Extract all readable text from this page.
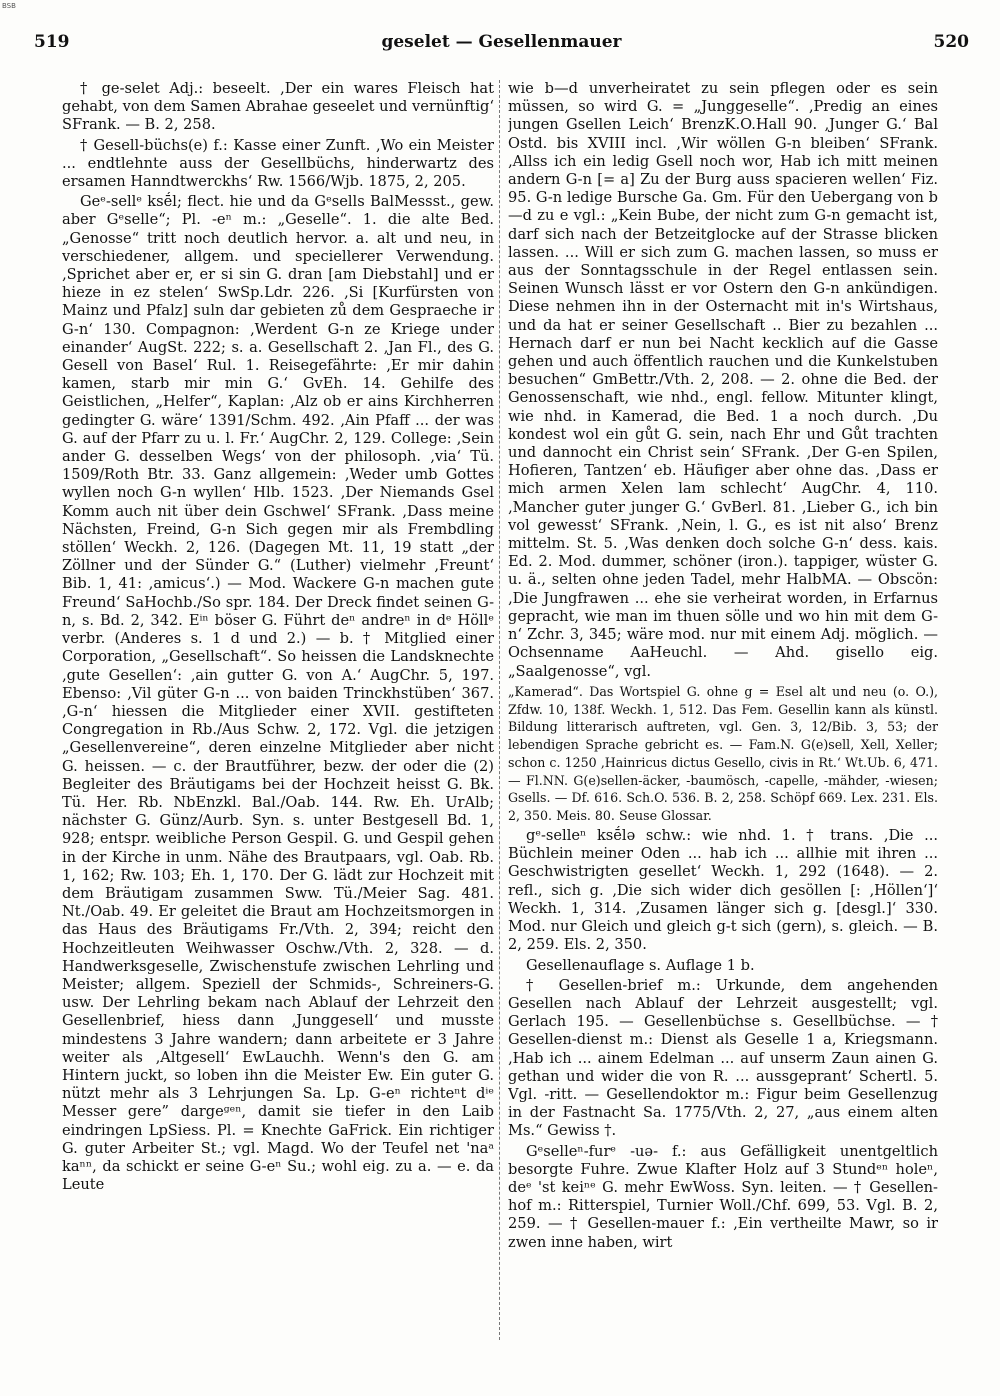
BSB
519	geselet — Gesellenmauer	520

† ge-selet Adj.: beseelt. ‚Der ein wares Fleisch hat gehabt, von dem Samen Abrahae geseelet und vernünftig‘ SFrank. — B. 2, 258.

† Gesell-büchs(e) f.: Kasse einer Zunft. ‚Wo ein Meister ... endtlehnte auss der Gesellbüchs, hinderwartz des ersamen Hanndtwerckhs‘ Rw. 1566/Wjb. 1875, 2, 205.

Geᵉ-sellᵉ ksḗl; flect. hie und da Gᵉsells BalMessst., gew. aber Gᵉselle“; Pl. -eⁿ m.: „Geselle“. 1. die alte Bed. „Genosse“ tritt noch deutlich hervor. a. alt und neu, in verschiedener, allgem. und speciellerer Verwendung. ‚Sprichet aber er, er si sin G. dran [am Diebstahl] und er hieze in ez stelen‘ SwSp.Ldr. 226. ‚Si [Kurfürsten von Mainz und Pfalz] suln dar gebieten zů dem Gespraeche ir G-n‘ 130. Compagnon: ‚Werdent G-n ze Kriege under einander‘ AugSt. 222; s. a. Gesellschaft 2. ‚Jan Fl., des G. Gesell von Basel‘ Rul. 1. Reisegefährte: ‚Er mir dahin kamen, starb mir min G.‘ GvEh. 14. Gehilfe des Geistlichen, „Helfer“, Kaplan: ‚Alz ob er ains Kirchherren gedingter G. wäre‘ 1391/Schm. 492. ‚Ain Pfaff ... der was G. auf der Pfarr zu u. l. Fr.‘ AugChr. 2, 129. College: ‚Sein ander G. desselben Wegs‘ von der philosoph. ‚via‘ Tü. 1509/Roth Btr. 33. Ganz allgemein: ‚Weder umb Gottes wyllen noch G-n wyllen‘ Hlb. 1523. ‚Der Niemands Gsel Komm auch nit über dein Gschwel‘ SFrank. ‚Dass meine Nächsten, Freind, G-n Sich gegen mir als Frembdling stöllen‘ Weckh. 2, 126. (Dagegen Mt. 11, 19 statt „der Zöllner und der Sünder G.“ (Luther) vielmehr ‚Freunt‘ Bib. 1, 41: ‚amicus‘.) — Mod. Wackere G-n machen gute Freund‘ SaHochb./So spr. 184. Der Dreck findet seinen G-n, s. Bd. 2, 342. Eⁱⁿ böser G. Führt deⁿ andreⁿ in dᵉ Höllᵉ verbr. (Anderes s. 1 d und 2.) — b. † Mitglied einer Corporation, „Gesellschaft“. So heissen die Landsknechte ‚gute Gesellen‘: ‚ain gutter G. von A.‘ AugChr. 5, 197. Ebenso: ‚Vil güter G-n ... von baiden Trinckhstüben‘ 367. ‚G-n‘ hiessen die Mitglieder einer XVII. gestifteten Congregation in Rb./Aus Schw. 2, 172. Vgl. die jetzigen „Gesellenvereine“, deren einzelne Mitglieder aber nicht G. heissen. — c. der Brautführer, bezw. der oder die (2) Begleiter des Bräutigams bei der Hochzeit heisst G. Bk. Tü. Her. Rb. NbEnzkl. Bal./Oab. 144. Rw. Eh. UrAlb; nächster G. Günz/Aurb. Syn. s. unter Bestgesell Bd. 1, 928; entspr. weibliche Person Gespil. G. und Gespil gehen in der Kirche in unm. Nähe des Brautpaars, vgl. Oab. Rb. 1, 162; Rw. 103; Eh. 1, 170. Der G. lädt zur Hochzeit mit dem Bräutigam zusammen Sww. Tü./Meier Sag. 481. Nt./Oab. 49. Er geleitet die Braut am Hochzeitsmorgen in das Haus des Bräutigams Fr./Vth. 2, 394; reicht den Hochzeitleuten Weihwasser Oschw./Vth. 2, 328. — d. Handwerksgeselle, Zwischenstufe zwischen Lehrling und Meister; allgem. Speziell der Schmids-, Schreiners-G. usw. Der Lehrling bekam nach Ablauf der Lehrzeit den Gesellenbrief, hiess dann ‚Junggesell‘ und musste mindestens 3 Jahre wandern; dann arbeitete er 3 Jahre weiter als ‚Altgesell‘ EwLauchh. Wenn's den G. am Hintern juckt, so loben ihn die Meister Ew. Ein guter G. nützt mehr als 3 Lehrjungen Sa. Lp. G-eⁿ richteⁿt dⁱᵉ Messer gere” dargeᵍᵉⁿ, damit sie tiefer in den Laib eindringen LpSiess. Pl. = Knechte GaFrick. Ein richtiger G. guter Arbeiter St.; vgl. Magd. Wo der Teufel net 'naᵃ kaⁿⁿ, da schickt er seine G-eⁿ Su.; wohl eig. zu a. — e. da Leute

wie b—d unverheiratet zu sein pflegen oder es sein müssen, so wird G. = „Junggeselle“. ‚Predig an eines jungen Gsellen Leich‘ BrenzK.O.Hall 90. ‚Junger G.‘ Bal Ostd. bis XVIII incl. ‚Wir wöllen G-n bleiben‘ SFrank. ‚Allss ich ein ledig Gsell noch wor, Hab ich mitt meinen andern G-n [= a] Zu der Burg auss spacieren wellen‘ Fiz. 95. G-n ledige Bursche Ga. Gm. Für den Uebergang von b—d zu e vgl.: „Kein Bube, der nicht zum G-n gemacht ist, darf sich nach der Betzeitglocke auf der Strasse blicken lassen. ... Will er sich zum G. machen lassen, so muss er aus der Sonntagsschule in der Regel entlassen sein. Seinen Wunsch lässt er vor Ostern den G-n ankündigen. Diese nehmen ihn in der Osternacht mit in's Wirtshaus, und da hat er seiner Gesellschaft .. Bier zu bezahlen ... Hernach darf er nun bei Nacht kecklich auf die Gasse gehen und auch öffentlich rauchen und die Kunkelstuben besuchen“ GmBettr./Vth. 2, 208. — 2. ohne die Bed. der Genossenschaft, wie nhd., engl. fellow. Mitunter klingt, wie nhd. in Kamerad, die Bed. 1 a noch durch. ‚Du kondest wol ein gůt G. sein, nach Ehr und Gůt trachten und dannocht ein Christ sein‘ SFrank. ‚Der G-en Spilen, Hofieren, Tantzen‘ eb. Häufiger aber ohne das. ‚Dass er mich armen Xelen lam schlecht‘ AugChr. 4, 110. ‚Mancher guter junger G.‘ GvBerl. 81. ‚Lieber G., ich bin vol gewesst‘ SFrank. ‚Nein, l. G., es ist nit also‘ Brenz mittelm. St. 5. ‚Was denken doch solche G-n‘ dess. kais. Ed. 2. Mod. dummer, schöner (iron.). tappiger, wüster G. u. ä., selten ohne jeden Tadel, mehr HalbMA. — Obscön: ‚Die Jungfrawen ... ehe sie verheirat worden, in Erfarnus gepracht, wie man im thuen sölle und wo hin mit dem G-n‘ Zchr. 3, 345; wäre mod. nur mit einem Adj. möglich. — Ochsenname AaHeuchl. — Ahd. gisello eig. „Saalgenosse“, vgl.

„Kamerad“. Das Wortspiel G. ohne g = Esel alt und neu (o. O.), Zfdw. 10, 138f. Weckh. 1, 512. Das Fem. Gesellin kann als künstl. Bildung litterarisch auftreten, vgl. Gen. 3, 12/Bib. 3, 53; der lebendigen Sprache gebricht es. — Fam.N. G(e)sell, Xell, Xeller; schon c. 1250 ‚Hainricus dictus Gesello, civis in Rt.‘ Wt.Ub. 6, 471. — Fl.NN. G(e)sellen-äcker, -baumösch, -capelle, -mähder, -wiesen; Gsells. — Df. 616. Sch.O. 536. B. 2, 258. Schöpf 669. Lex. 231. Els. 2, 350. Meis. 80. Seuse Glossar.

gᵉ-selleⁿ ksḗlə schw.: wie nhd. 1. † trans. ‚Die ... Büchlein meiner Oden ... hab ich ... allhie mit ihren ... Geschwistrigten gesellet‘ Weckh. 1, 292 (1648). — 2. refl., sich g. ‚Die sich wider dich gesöllen [: ‚Höllen‘]‘ Weckh. 1, 314. ‚Zusamen länger sich g. [desgl.]‘ 330. Mod. nur Gleich und gleich g-t sich (gern), s. gleich. — B. 2, 259. Els. 2, 350.

Gesellenauflage s. Auflage 1 b.

† Gesellen-brief m.: Urkunde, dem angehenden Gesellen nach Ablauf der Lehrzeit ausgestellt; vgl. Gerlach 195. — Gesellenbüchse s. Gesellbüchse. — † Gesellen-dienst m.: Dienst als Geselle 1 a, Kriegsmann. ‚Hab ich ... ainem Edelman ... auf unserm Zaun ainen G. gethan und wider die von R. ... aussgeprant‘ Schertl. 5. Vgl. -ritt. — Gesellendoktor m.: Figur beim Gesellenzug in der Fastnacht Sa. 1775/Vth. 2, 27, „aus einem alten Ms.“ Gewiss †.

Gᵉselleⁿ-furᵉ -uə- f.: aus Gefälligkeit unentgeltlich besorgte Fuhre. Zwue Klafter Holz auf 3 Stundᵉⁿ holeⁿ, deᵉ 'st keiⁿᵉ G. mehr EwWoss. Syn. leiten. — † Gesellen-hof m.: Ritterspiel, Turnier Woll./Chf. 699, 53. Vgl. B. 2, 259. — † Gesellen-mauer f.: ‚Ein vertheilte Mawr, so ir zwen inne haben, wirt
